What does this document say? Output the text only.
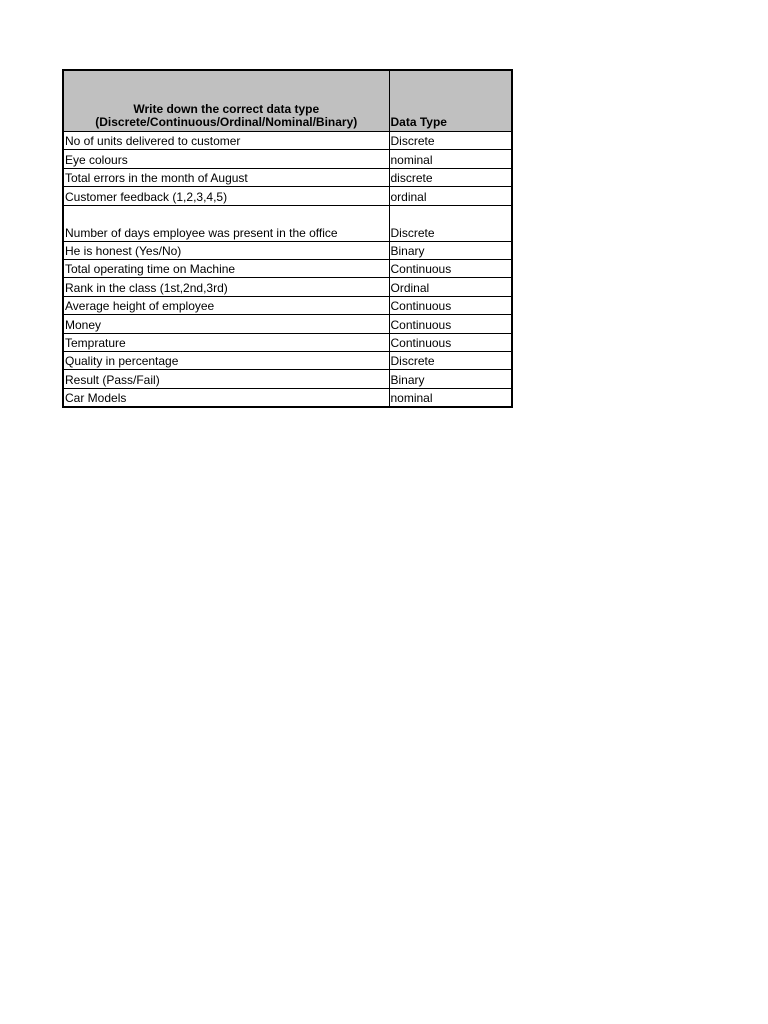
Write down the correct data type
(Discrete/Continuous/Ordinal/Nominal/Binary)	Data Type
No of units delivered to customer	Discrete
Eye colours	nominal
Total errors in the month of August	discrete
Customer feedback (1,2,3,4,5)	ordinal
Number of days employee was present in the office	Discrete
He is honest (Yes/No)	Binary
Total operating time on Machine	Continuous
Rank in the class (1st,2nd,3rd)	Ordinal
Average height of employee	Continuous
Money	Continuous
Temprature	Continuous
Quality in percentage	Discrete
Result (Pass/Fail)	Binary
Car Models	nominal
